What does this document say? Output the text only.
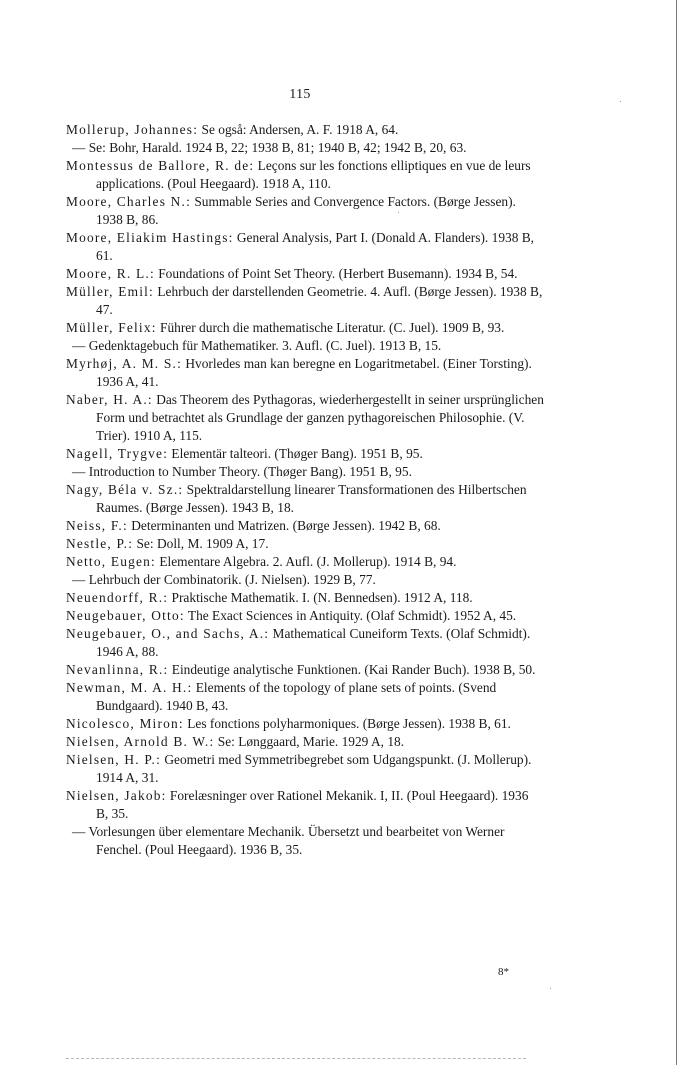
115
Mollerup, Johannes: Se også: Andersen, A. F. 1918 A, 64.
— Se: Bohr, Harald. 1924 B, 22; 1938 B, 81; 1940 B, 42; 1942 B, 20, 63.
Montessus de Ballore, R. de: Leçons sur les fonctions elliptiques en vue de leurs applications. (Poul Heegaard). 1918 A, 110.
Moore, Charles N.: Summable Series and Convergence Factors. (Børge Jessen). 1938 B, 86.
Moore, Eliakim Hastings: General Analysis, Part I. (Donald A. Flanders). 1938 B, 61.
Moore, R. L.: Foundations of Point Set Theory. (Herbert Busemann). 1934 B, 54.
Müller, Emil: Lehrbuch der darstellenden Geometrie. 4. Aufl. (Børge Jessen). 1938 B, 47.
Müller, Felix: Führer durch die mathematische Literatur. (C. Juel). 1909 B, 93.
— Gedenktagebuch für Mathematiker. 3. Aufl. (C. Juel). 1913 B, 15.
Myrhøj, A. M. S.: Hvorledes man kan beregne en Logaritmetabel. (Einer Torsting). 1936 A, 41.
Naber, H. A.: Das Theorem des Pythagoras, wiederhergestellt in seiner ursprünglichen Form und betrachtet als Grundlage der ganzen pythagoreischen Philosophie. (V. Trier). 1910 A, 115.
Nagell, Trygve: Elementär talteori. (Thøger Bang). 1951 B, 95.
— Introduction to Number Theory. (Thøger Bang). 1951 B, 95.
Nagy, Béla v. Sz.: Spektraldarstellung linearer Transformationen des Hilbertschen Raumes. (Børge Jessen). 1943 B, 18.
Neiss, F.: Determinanten und Matrizen. (Børge Jessen). 1942 B, 68.
Nestle, P.: Se: Doll, M. 1909 A, 17.
Netto, Eugen: Elementare Algebra. 2. Aufl. (J. Mollerup). 1914 B, 94.
— Lehrbuch der Combinatorik. (J. Nielsen). 1929 B, 77.
Neuendorff, R.: Praktische Mathematik. I. (N. Bennedsen). 1912 A, 118.
Neugebauer, Otto: The Exact Sciences in Antiquity. (Olaf Schmidt). 1952 A, 45.
Neugebauer, O., and Sachs, A.: Mathematical Cuneiform Texts. (Olaf Schmidt). 1946 A, 88.
Nevanlinna, R.: Eindeutige analytische Funktionen. (Kai Rander Buch). 1938 B, 50.
Newman, M. A. H.: Elements of the topology of plane sets of points. (Svend Bundgaard). 1940 B, 43.
Nicolesco, Miron: Les fonctions polyharmoniques. (Børge Jessen). 1938 B, 61.
Nielsen, Arnold B. W.: Se: Lønggaard, Marie. 1929 A, 18.
Nielsen, H. P.: Geometri med Symmetribegrebet som Udgangspunkt. (J. Mollerup). 1914 A, 31.
Nielsen, Jakob: Forelæsninger over Rationel Mekanik. I, II. (Poul Heegaard). 1936 B, 35.
— Vorlesungen über elementare Mechanik. Übersetzt und bearbeitet von Werner Fenchel. (Poul Heegaard). 1936 B, 35.
8*
